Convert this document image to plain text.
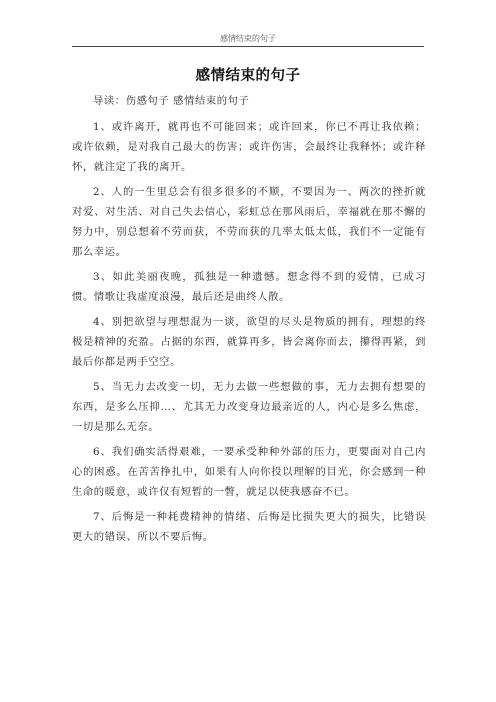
感情结束的句子
感情结束的句子

导读：伤感句子 感情结束的句子

1、或许离开，就再也不可能回来；或许回来，你已不再让我依赖；或许依赖，是对我自己最大的伤害；或许伤害，会最终让我释怀；或许释怀，就注定了我的离开。

2、人的一生里总会有很多很多的不顺，不要因为一、两次的挫折就对爱、对生活、对自己失去信心，彩虹总在那风雨后，幸福就在那不懈的努力中，别总想着不劳而获，不劳而获的几率太低太低，我们不一定能有那么幸运。

3、如此美丽夜晚，孤独是一种遗憾。想念得不到的爱情，已成习惯。情歌让我虚度浪漫，最后还是曲终人散。

4、别把欲望与理想混为一谈，欲望的尽头是物质的拥有，理想的终极是精神的充盈。占据的东西，就算再多，皆会离你而去，攥得再紧，到最后你都是两手空空。

5、当无力去改变一切，无力去做一些想做的事，无力去拥有想要的东西，是多么压抑…、尤其无力改变身边最亲近的人，内心是多么焦虑，一切是那么无奈。

6、我们确实活得艰难，一要承受种种外部的压力，更要面对自己内心的困惑。在苦苦挣扎中，如果有人向你投以理解的目光，你会感到一种生命的暖意，或许仅有短暂的一瞥，就足以使我感奋不已。

7、后悔是一种耗费精神的情绪、后悔是比损失更大的损失，比错误更大的错误、所以不要后悔。
